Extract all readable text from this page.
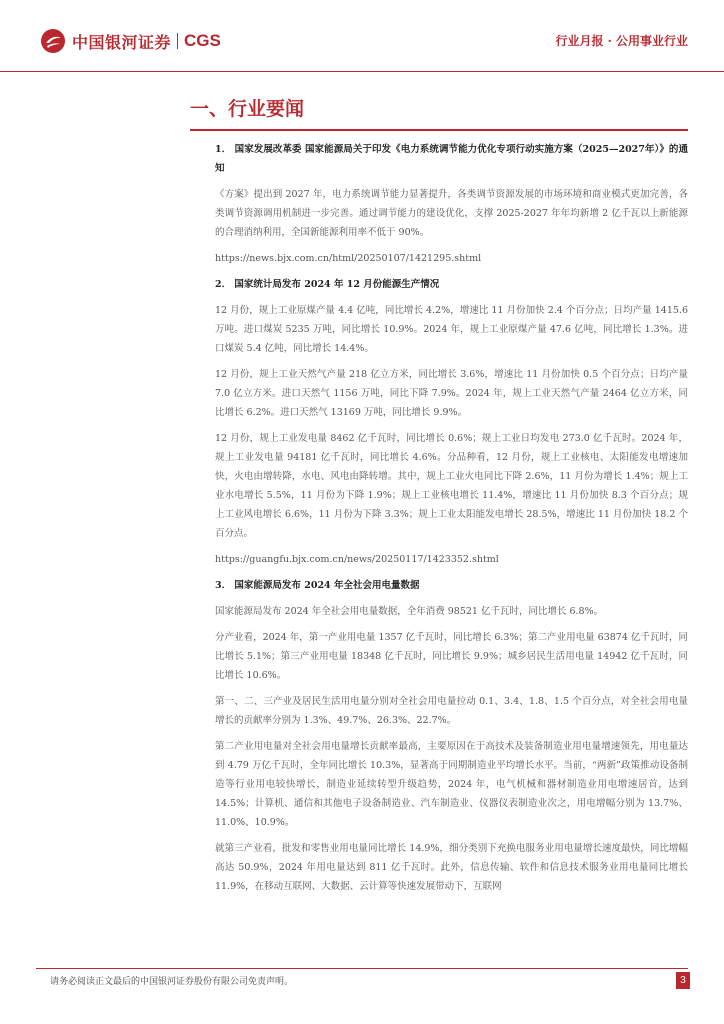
中国银河证券 CGS	行业月报 · 公用事业行业
一、行业要闻
1． 国家发展改革委 国家能源局关于印发《电力系统调节能力优化专项行动实施方案（2025—2027年）》的通知
《方案》提出到 2027 年，电力系统调节能力显著提升，各类调节资源发展的市场环境和商业模式更加完善，各类调节资源调用机制进一步完善。通过调节能力的建设优化，支撑 2025-2027 年年均新增 2 亿千瓦以上新能源的合理消纳利用，全国新能源利用率不低于 90%。
https://news.bjx.com.cn/html/20250107/1421295.shtml
2． 国家统计局发布 2024 年 12 月份能源生产情况
12 月份，规上工业原煤产量 4.4 亿吨，同比增长 4.2%，增速比 11 月份加快 2.4 个百分点；日均产量 1415.6 万吨。进口煤炭 5235 万吨，同比增长 10.9%。2024 年，规上工业原煤产量 47.6 亿吨，同比增长 1.3%。进口煤炭 5.4 亿吨，同比增长 14.4%。
12 月份，规上工业天然气产量 218 亿立方米，同比增长 3.6%，增速比 11 月份加快 0.5 个百分点；日均产量 7.0 亿立方米。进口天然气 1156 万吨，同比下降 7.9%。2024 年，规上工业天然气产量 2464 亿立方米，同比增长 6.2%。进口天然气 13169 万吨，同比增长 9.9%。
12 月份，规上工业发电量 8462 亿千瓦时，同比增长 0.6%；规上工业日均发电 273.0 亿千瓦时。2024 年，规上工业发电量 94181 亿千瓦时，同比增长 4.6%。分品种看，12 月份，规上工业核电、太阳能发电增速加快，火电由增转降，水电、风电由降转增。其中，规上工业火电同比下降 2.6%，11 月份为增长 1.4%；规上工业水电增长 5.5%，11 月份为下降 1.9%；规上工业核电增长 11.4%，增速比 11 月份加快 8.3 个百分点；规上工业风电增长 6.6%，11 月份为下降 3.3%；规上工业太阳能发电增长 28.5%，增速比 11 月份加快 18.2 个百分点。
https://guangfu.bjx.com.cn/news/20250117/1423352.shtml
3． 国家能源局发布 2024 年全社会用电量数据
国家能源局发布 2024 年全社会用电量数据，全年消费 98521 亿千瓦时，同比增长 6.8%。
分产业看，2024 年，第一产业用电量 1357 亿千瓦时，同比增长 6.3%；第二产业用电量 63874 亿千瓦时，同比增长 5.1%；第三产业用电量 18348 亿千瓦时，同比增长 9.9%；城乡居民生活用电量 14942 亿千瓦时，同比增长 10.6%。
第一、二、三产业及居民生活用电量分别对全社会用电量拉动 0.1、3.4、1.8、1.5 个百分点，对全社会用电量增长的贡献率分别为 1.3%、49.7%、26.3%、22.7%。
第二产业用电量对全社会用电量增长贡献率最高，主要原因在于高技术及装备制造业用电量增速领先，用电量达到 4.79 万亿千瓦时，全年同比增长 10.3%，显著高于同期制造业平均增长水平。当前，“两新”政策推动设备制造等行业用电较快增长，制造业延续转型升级趋势，2024 年，电气机械和器材制造业用电增速居首，达到 14.5%；计算机、通信和其他电子设备制造业、汽车制造业、仪器仪表制造业次之，用电增幅分别为 13.7%、11.0%、10.9%。
就第三产业看，批发和零售业用电量同比增长 14.9%，细分类别下充换电服务业用电量增长速度最快，同比增幅高达 50.9%，2024 年用电量达到 811 亿千瓦时。此外，信息传输、软件和信息技术服务业用电量同比增长 11.9%，在移动互联网、大数据、云计算等快速发展带动下，互联网
请务必阅读正文最后的中国银河证券股份有限公司免责声明。	3
